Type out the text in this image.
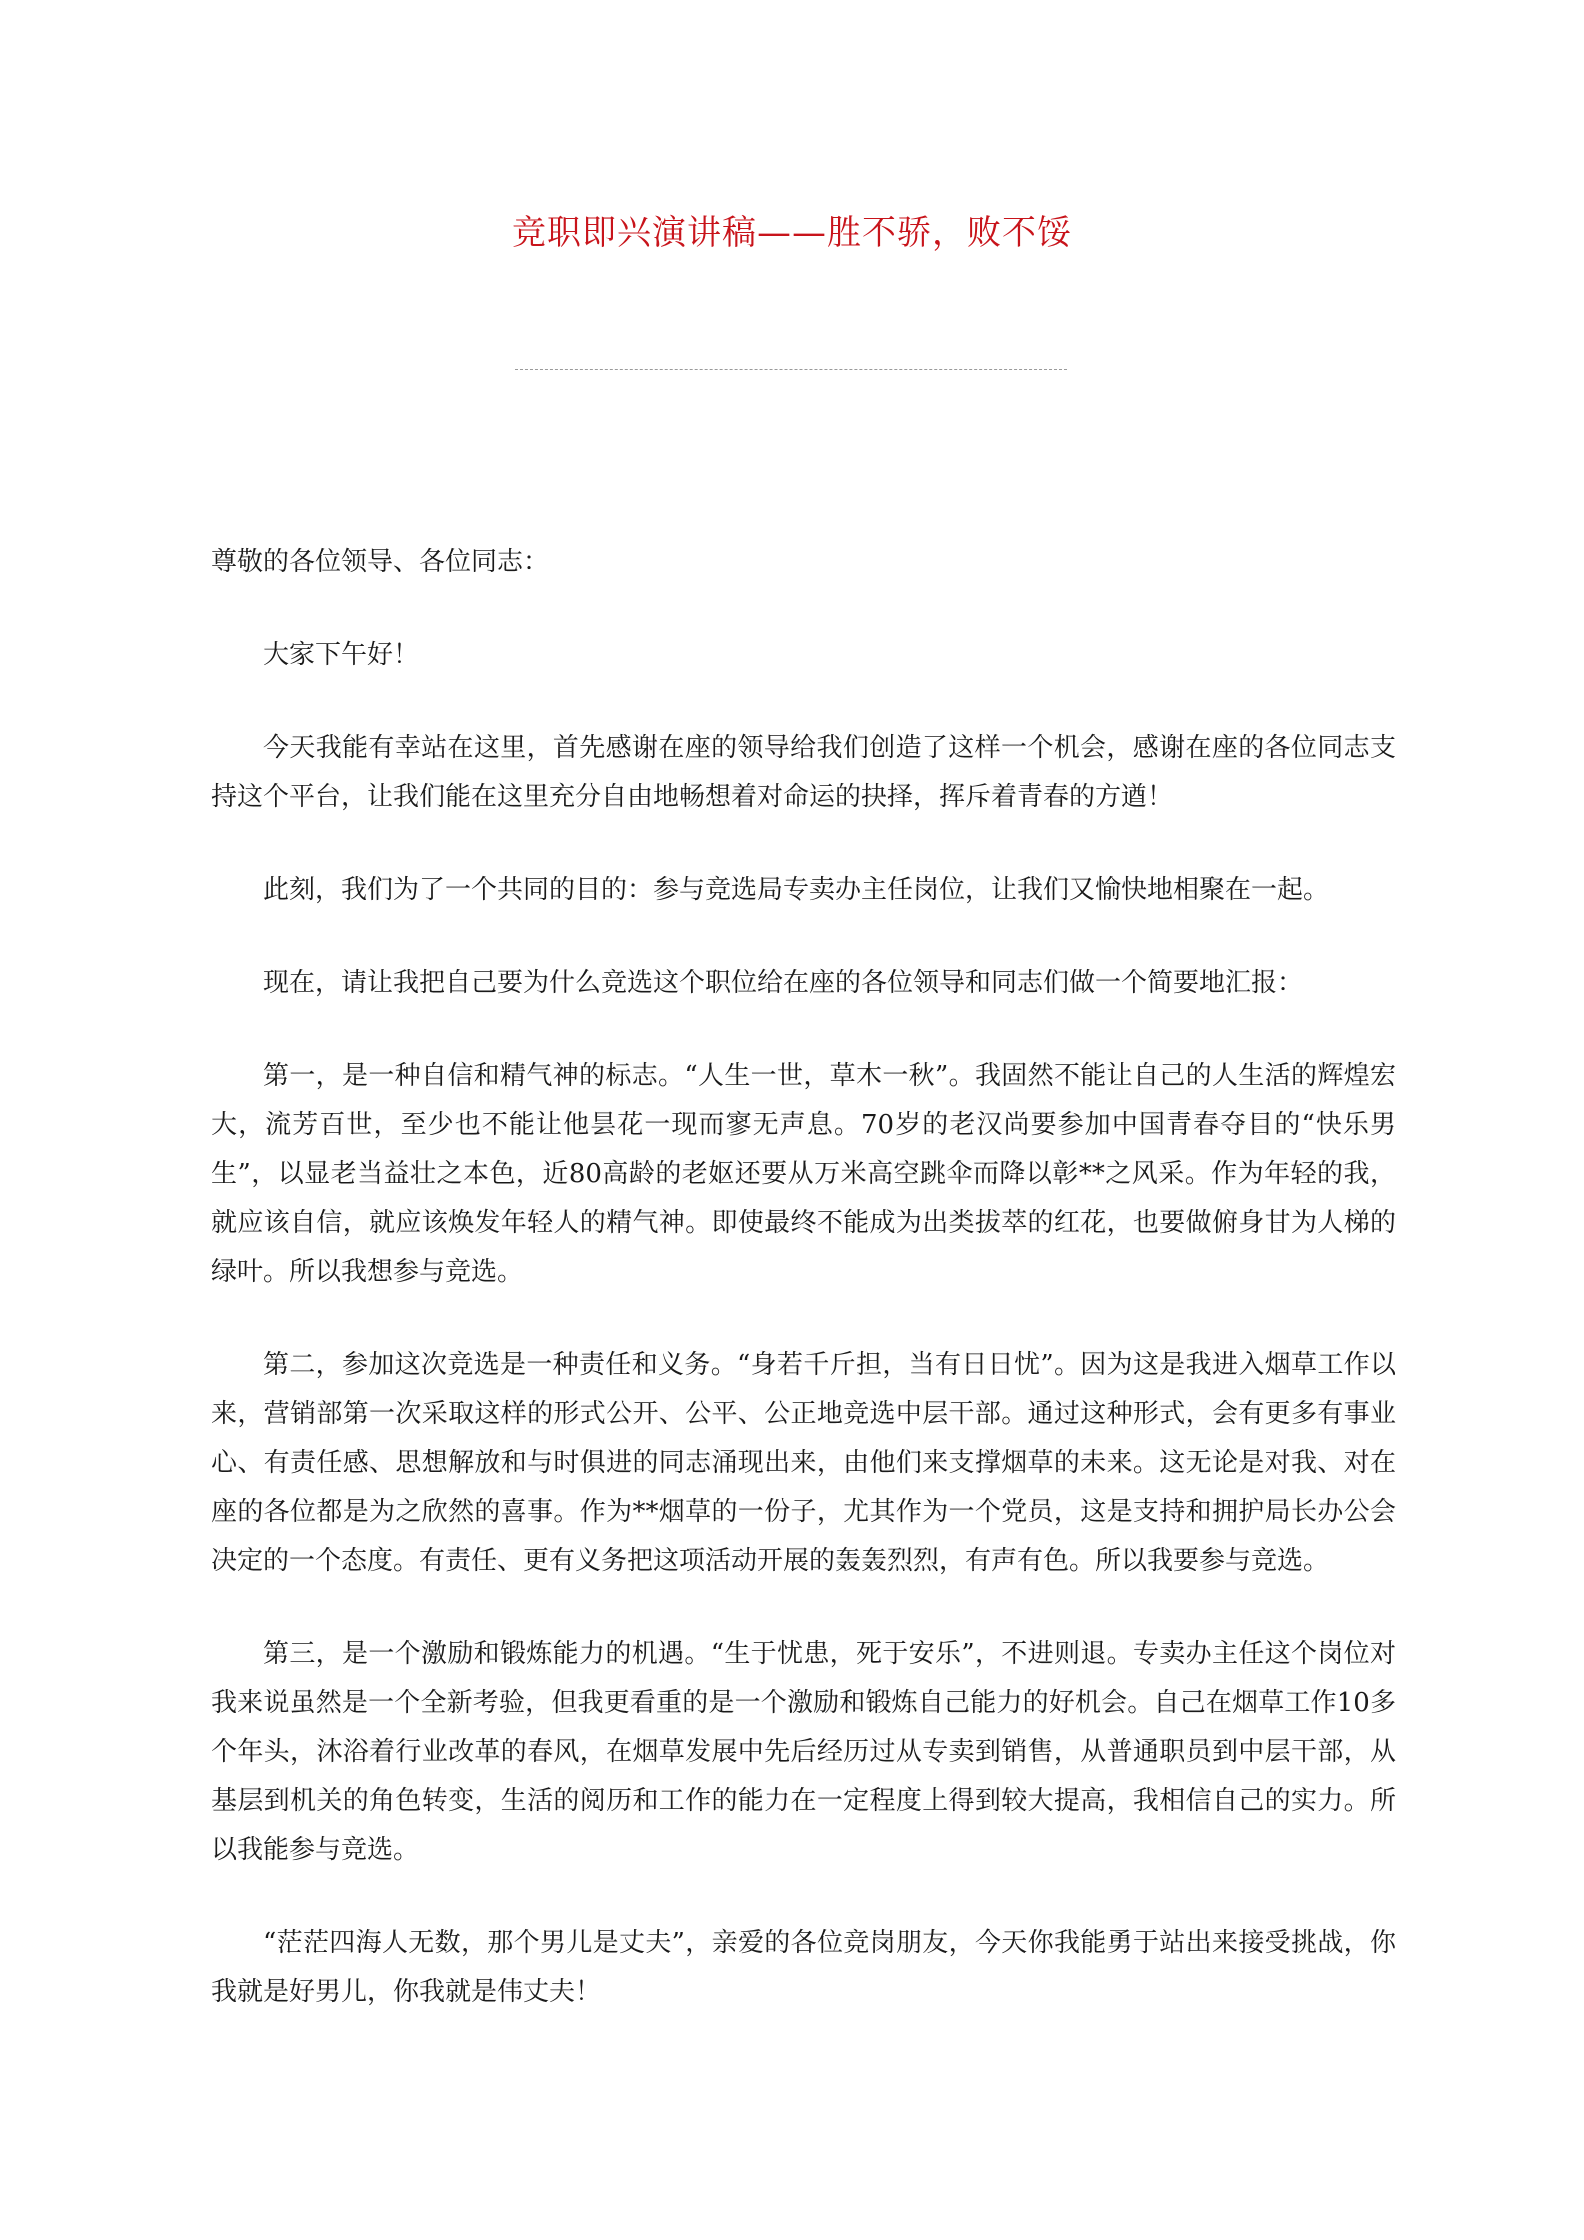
竞职即兴演讲稿——胜不骄，败不馁

尊敬的各位领导、各位同志：

大家下午好！

今天我能有幸站在这里，首先感谢在座的领导给我们创造了这样一个机会，感谢在座的各位同志支持这个平台，让我们能在这里充分自由地畅想着对命运的抉择，挥斥着青春的方遒！

此刻，我们为了一个共同的目的：参与竞选局专卖办主任岗位，让我们又愉快地相聚在一起。

现在，请让我把自己要为什么竞选这个职位给在座的各位领导和同志们做一个简要地汇报：

第一，是一种自信和精气神的标志。“人生一世，草木一秋”。我固然不能让自己的人生活的辉煌宏大，流芳百世，至少也不能让他昙花一现而寥无声息。70岁的老汉尚要参加中国青春夺目的“快乐男生”，以显老当益壮之本色，近80高龄的老妪还要从万米高空跳伞而降以彰**之风采。作为年轻的我，就应该自信，就应该焕发年轻人的精气神。即使最终不能成为出类拔萃的红花，也要做俯身甘为人梯的绿叶。所以我想参与竞选。

第二，参加这次竞选是一种责任和义务。“身若千斤担，当有日日忧”。因为这是我进入烟草工作以来，营销部第一次采取这样的形式公开、公平、公正地竞选中层干部。通过这种形式，会有更多有事业心、有责任感、思想解放和与时俱进的同志涌现出来，由他们来支撑烟草的未来。这无论是对我、对在座的各位都是为之欣然的喜事。作为**烟草的一份子，尤其作为一个党员，这是支持和拥护局长办公会决定的一个态度。有责任、更有义务把这项活动开展的轰轰烈烈，有声有色。所以我要参与竞选。

第三，是一个激励和锻炼能力的机遇。“生于忧患，死于安乐”，不进则退。专卖办主任这个岗位对我来说虽然是一个全新考验，但我更看重的是一个激励和锻炼自己能力的好机会。自己在烟草工作10多个年头，沐浴着行业改革的春风，在烟草发展中先后经历过从专卖到销售，从普通职员到中层干部，从基层到机关的角色转变，生活的阅历和工作的能力在一定程度上得到较大提高，我相信自己的实力。所以我能参与竞选。

“茫茫四海人无数，那个男儿是丈夫”，亲爱的各位竞岗朋友，今天你我能勇于站出来接受挑战，你我就是好男儿，你我就是伟丈夫！
